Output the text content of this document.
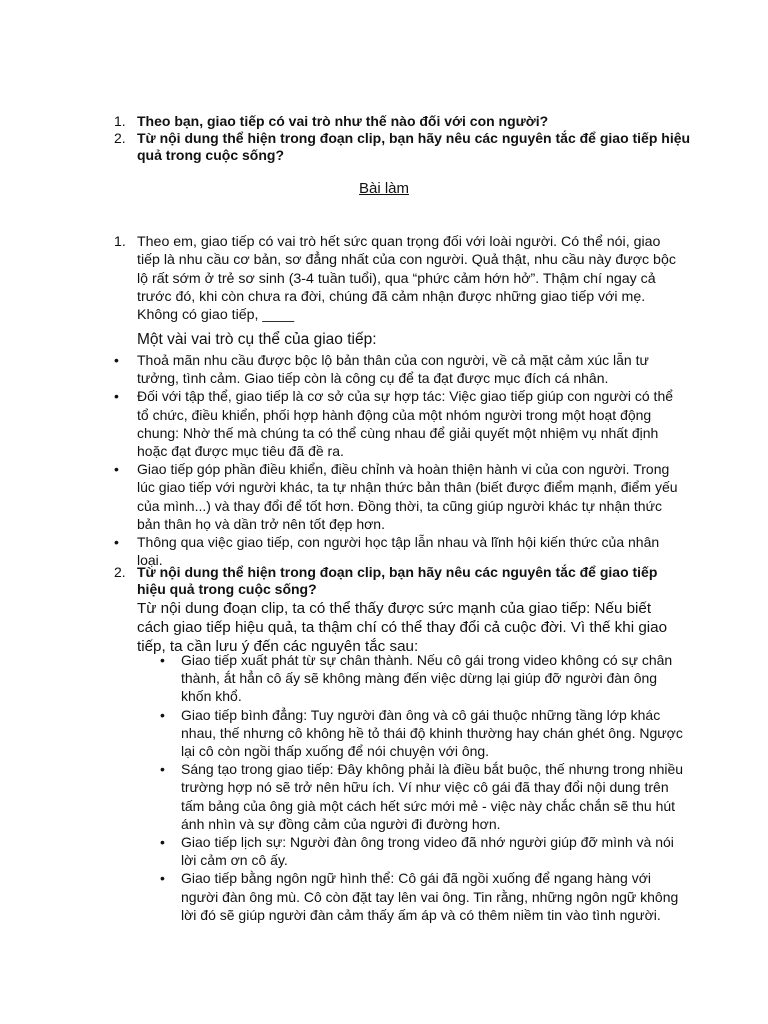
1. Theo bạn, giao tiếp có vai trò như thế nào đối với con người?
2. Từ nội dung thể hiện trong đoạn clip, bạn hãy nêu các nguyên tắc để giao tiếp hiệu quả trong cuộc sống?
Bài làm
1. Theo em, giao tiếp có vai trò hết sức quan trọng đối với loài người. Có thể nói, giao tiếp là nhu cầu cơ bản, sơ đẳng nhất của con người. Quả thật, nhu cầu này được bộc lộ rất sớm ở trẻ sơ sinh (3-4 tuần tuổi), qua “phức cảm hớn hở”. Thậm chí ngay cả trước đó, khi còn chưa ra đời, chúng đã cảm nhận được những giao tiếp với mẹ. Không có giao tiếp, ____
Một vài vai trò cụ thể của giao tiếp:
• Thoả mãn nhu cầu được bộc lộ bản thân của con người, về cả mặt cảm xúc lẫn tư tưởng, tình cảm. Giao tiếp còn là công cụ để ta đạt được mục đích cá nhân.
• Đối với tập thể, giao tiếp là cơ sở của sự hợp tác: Việc giao tiếp giúp con người có thể tổ chức, điều khiển, phối hợp hành động của một nhóm người trong một hoạt động chung: Nhờ thế mà chúng ta có thể cùng nhau để giải quyết một nhiệm vụ nhất định hoặc đạt được mục tiêu đã đề ra.
• Giao tiếp góp phần điều khiển, điều chỉnh và hoàn thiện hành vi của con người. Trong lúc giao tiếp với người khác, ta tự nhận thức bản thân (biết được điểm mạnh, điểm yếu của mình...) và thay đổi để tốt hơn. Đồng thời, ta cũng giúp người khác tự nhận thức bản thân họ và dần trở nên tốt đẹp hơn.
• Thông qua việc giao tiếp, con người học tập lẫn nhau và lĩnh hội kiến thức của nhân loại.
2. Từ nội dung thể hiện trong đoạn clip, bạn hãy nêu các nguyên tắc để giao tiếp hiệu quả trong cuộc sống?
Từ nội dung đoạn clip, ta có thể thấy được sức mạnh của giao tiếp: Nếu biết cách giao tiếp hiệu quả, ta thậm chí có thể thay đổi cả cuộc đời. Vì thế khi giao tiếp, ta cần lưu ý đến các nguyên tắc sau:
• Giao tiếp xuất phát từ sự chân thành. Nếu cô gái trong video không có sự chân thành, ắt hẳn cô ấy sẽ không màng đến việc dừng lại giúp đỡ người đàn ông khốn khổ.
• Giao tiếp bình đẳng: Tuy người đàn ông và cô gái thuộc những tầng lớp khác nhau, thế nhưng cô không hề tỏ thái độ khinh thường hay chán ghét ông. Ngược lại cô còn ngồi thấp xuống để nói chuyện với ông.
• Sáng tạo trong giao tiếp: Đây không phải là điều bắt buộc, thế nhưng trong nhiều trường hợp nó sẽ trở nên hữu ích. Ví như việc cô gái đã thay đổi nội dung trên tấm bảng của ông già một cách hết sức mới mẻ - việc này chắc chắn sẽ thu hút ánh nhìn và sự đồng cảm của người đi đường hơn.
• Giao tiếp lịch sự: Người đàn ông trong video đã nhớ người giúp đỡ mình và nói lời cảm ơn cô ấy.
• Giao tiếp bằng ngôn ngữ hình thể: Cô gái đã ngồi xuống để ngang hàng với người đàn ông mù. Cô còn đặt tay lên vai ông. Tin rằng, những ngôn ngữ không lời đó sẽ giúp người đàn cảm thấy ấm áp và có thêm niềm tin vào tình người.
